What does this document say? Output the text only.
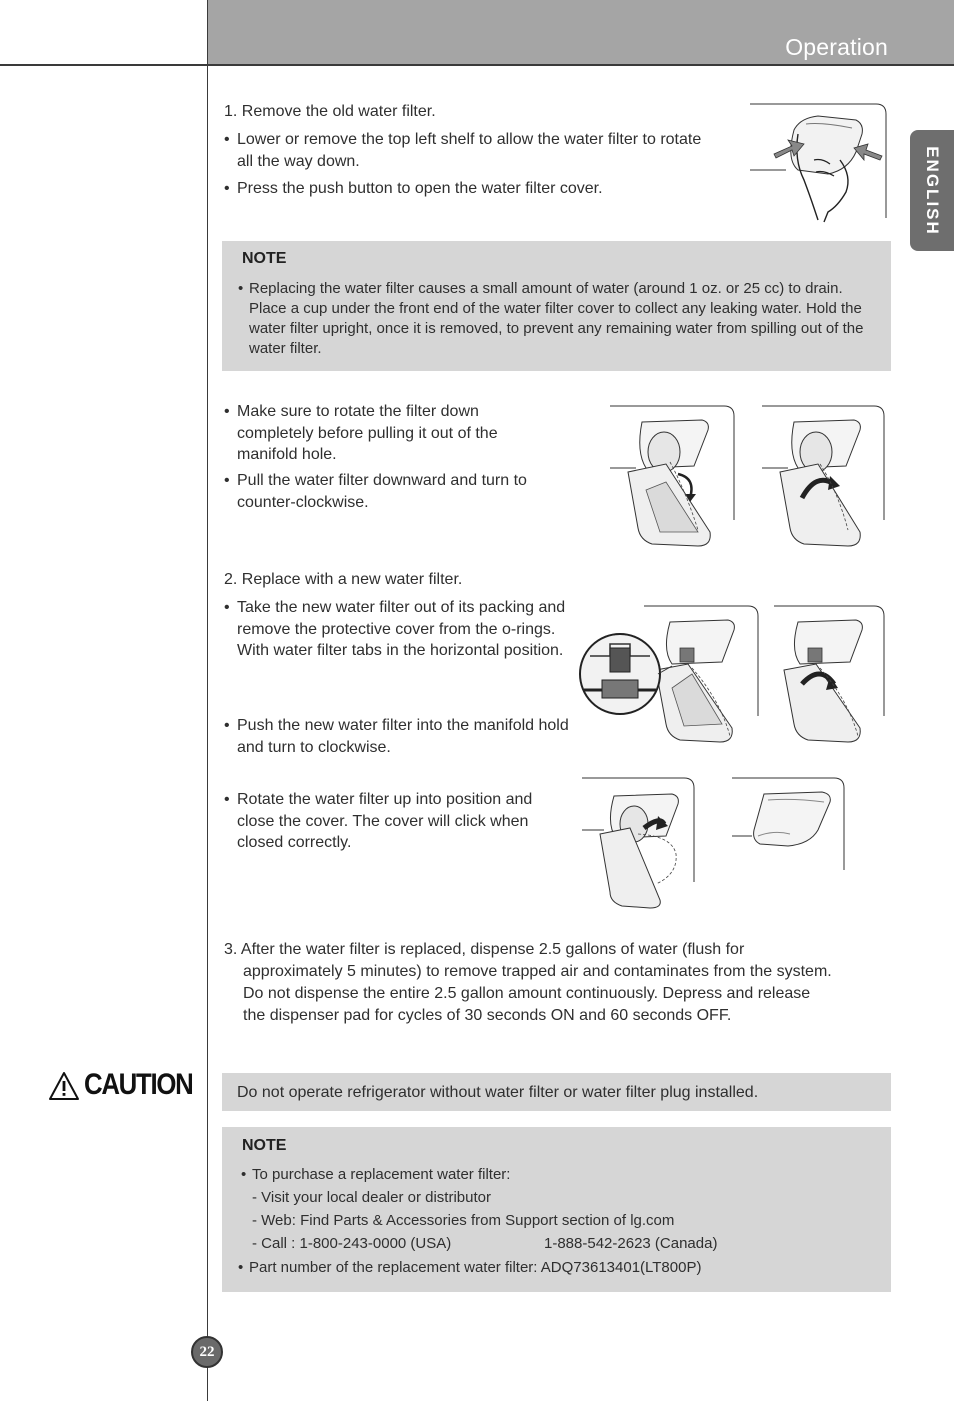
Operation
ENGLISH
1. Remove the old water filter.
• Lower or remove the top left shelf to allow the water filter to rotate all the way down.
• Press the push button to open the water filter cover.
NOTE
• Replacing the water filter causes a small amount of water (around 1 oz. or 25 cc) to drain. Place a cup under the front end of the water filter cover to collect any leaking water. Hold the water filter upright, once it is removed, to prevent any remaining water from spilling out of the water filter.
• Make sure to rotate the filter down completely before pulling it out of the manifold hole.
• Pull the water filter downward and turn to counter-clockwise.
2. Replace with a new water filter.
• Take the new water filter out of its packing and remove the protective cover from the o-rings. With water filter tabs in the horizontal position.
• Push the new water filter into the manifold hold and turn to clockwise.
• Rotate the water filter up into position and close the cover. The cover will click when closed correctly.
3. After the water filter is replaced, dispense 2.5 gallons of water (flush for
approximately 5 minutes) to remove trapped air and contaminates from the system.
Do not dispense the entire 2.5 gallon amount continuously. Depress and release
the dispenser pad for cycles of 30 seconds ON and 60 seconds OFF.
CAUTION	Do not operate refrigerator without water filter or water filter plug installed.
NOTE
• To purchase a replacement water filter:
- Visit your local dealer or distributor
- Web: Find Parts & Accessories from Support section of lg.com
- Call : 1-800-243-0000 (USA)	1-888-542-2623 (Canada)
• Part number of the replacement water filter: ADQ73613401(LT800P)
22
